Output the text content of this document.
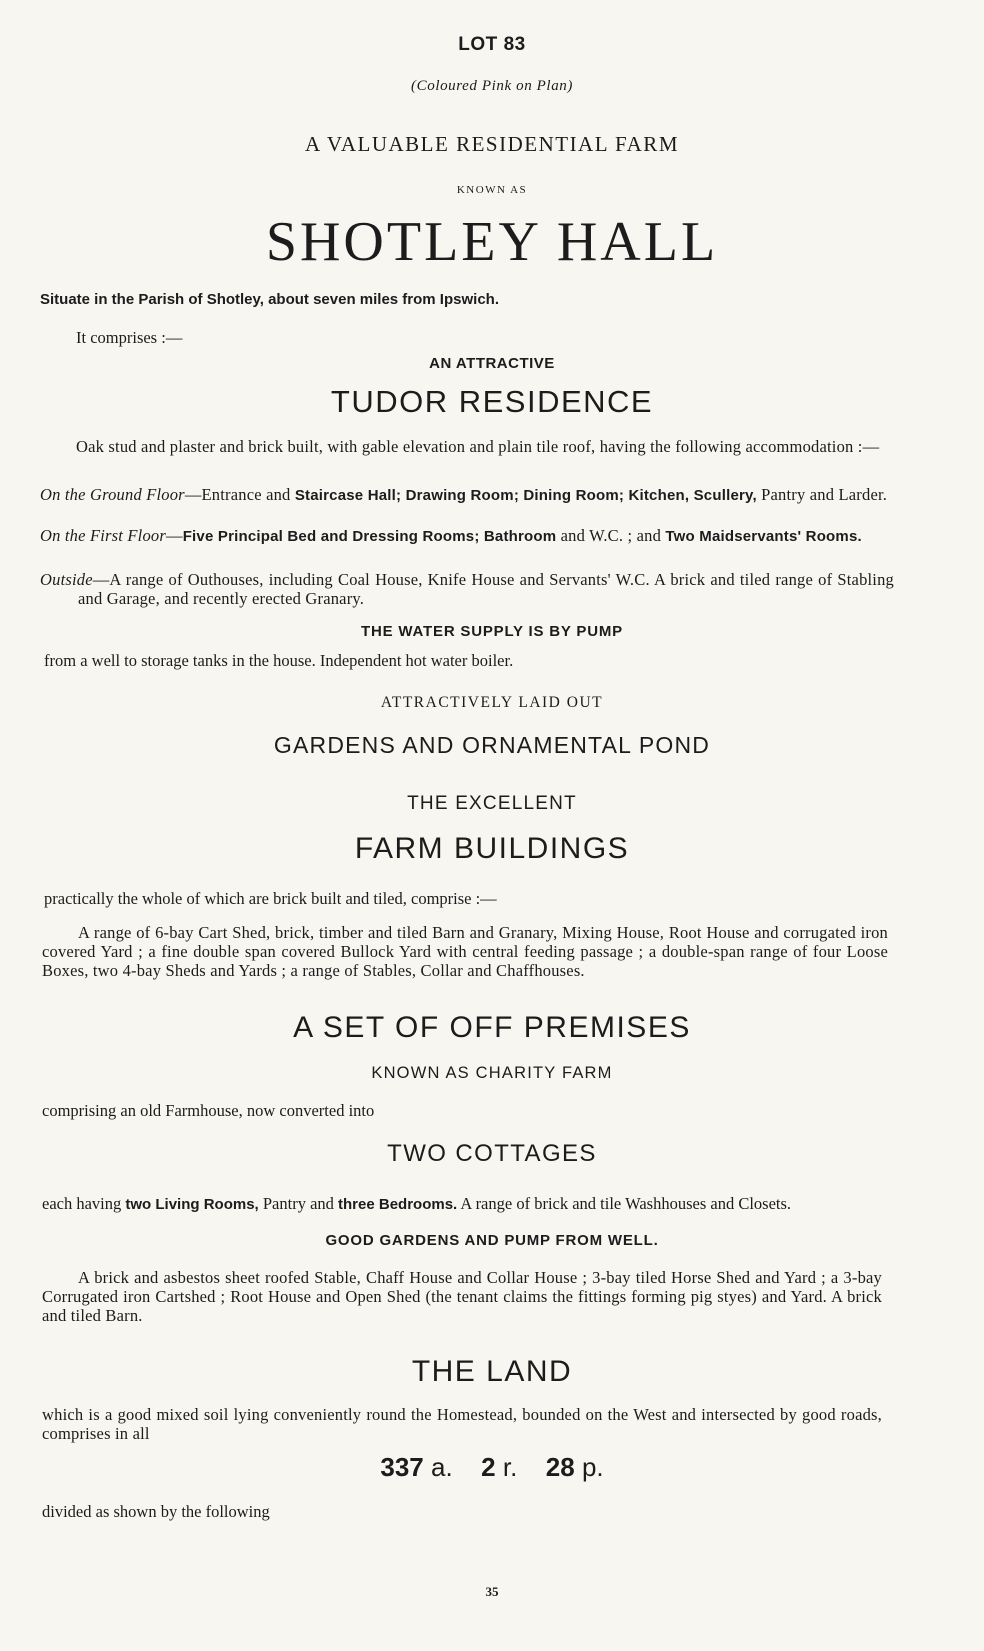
LOT 83
(Coloured Pink on Plan)
A VALUABLE RESIDENTIAL FARM
KNOWN AS
SHOTLEY HALL
Situate in the Parish of Shotley, about seven miles from Ipswich.
It comprises :—
AN ATTRACTIVE
TUDOR RESIDENCE

Oak stud and plaster and brick built, with gable elevation and plain tile roof, having the following accommodation :—

On the Ground Floor—Entrance and Staircase Hall; Drawing Room; Dining Room; Kitchen, Scullery, Pantry and Larder.

On the First Floor—Five Principal Bed and Dressing Rooms; Bathroom and W.C. ; and Two Maidservants' Rooms.

Outside—A range of Outhouses, including Coal House, Knife House and Servants' W.C. A brick and tiled range of Stabling and Garage, and recently erected Granary.

THE WATER SUPPLY IS BY PUMP
from a well to storage tanks in the house. Independent hot water boiler.
ATTRACTIVELY LAID OUT
GARDENS AND ORNAMENTAL POND
THE EXCELLENT
FARM BUILDINGS
practically the whole of which are brick built and tiled, comprise :—

A range of 6-bay Cart Shed, brick, timber and tiled Barn and Granary, Mixing House, Root House and corrugated iron covered Yard ; a fine double span covered Bullock Yard with central feeding passage ; a double-span range of four Loose Boxes, two 4-bay Sheds and Yards ; a range of Stables, Collar and Chaffhouses.

A SET OF OFF PREMISES
KNOWN AS CHARITY FARM
comprising an old Farmhouse, now converted into
TWO COTTAGES
each having two Living Rooms, Pantry and three Bedrooms. A range of brick and tile Washhouses and Closets.
GOOD GARDENS AND PUMP FROM WELL.

A brick and asbestos sheet roofed Stable, Chaff House and Collar House ; 3-bay tiled Horse Shed and Yard ; a 3-bay Corrugated iron Cartshed ; Root House and Open Shed (the tenant claims the fittings forming pig styes) and Yard. A brick and tiled Barn.

THE LAND

which is a good mixed soil lying conveniently round the Homestead, bounded on the West and intersected by good roads, comprises in all

337 a. 2 r. 28 p.
divided as shown by the following
35
